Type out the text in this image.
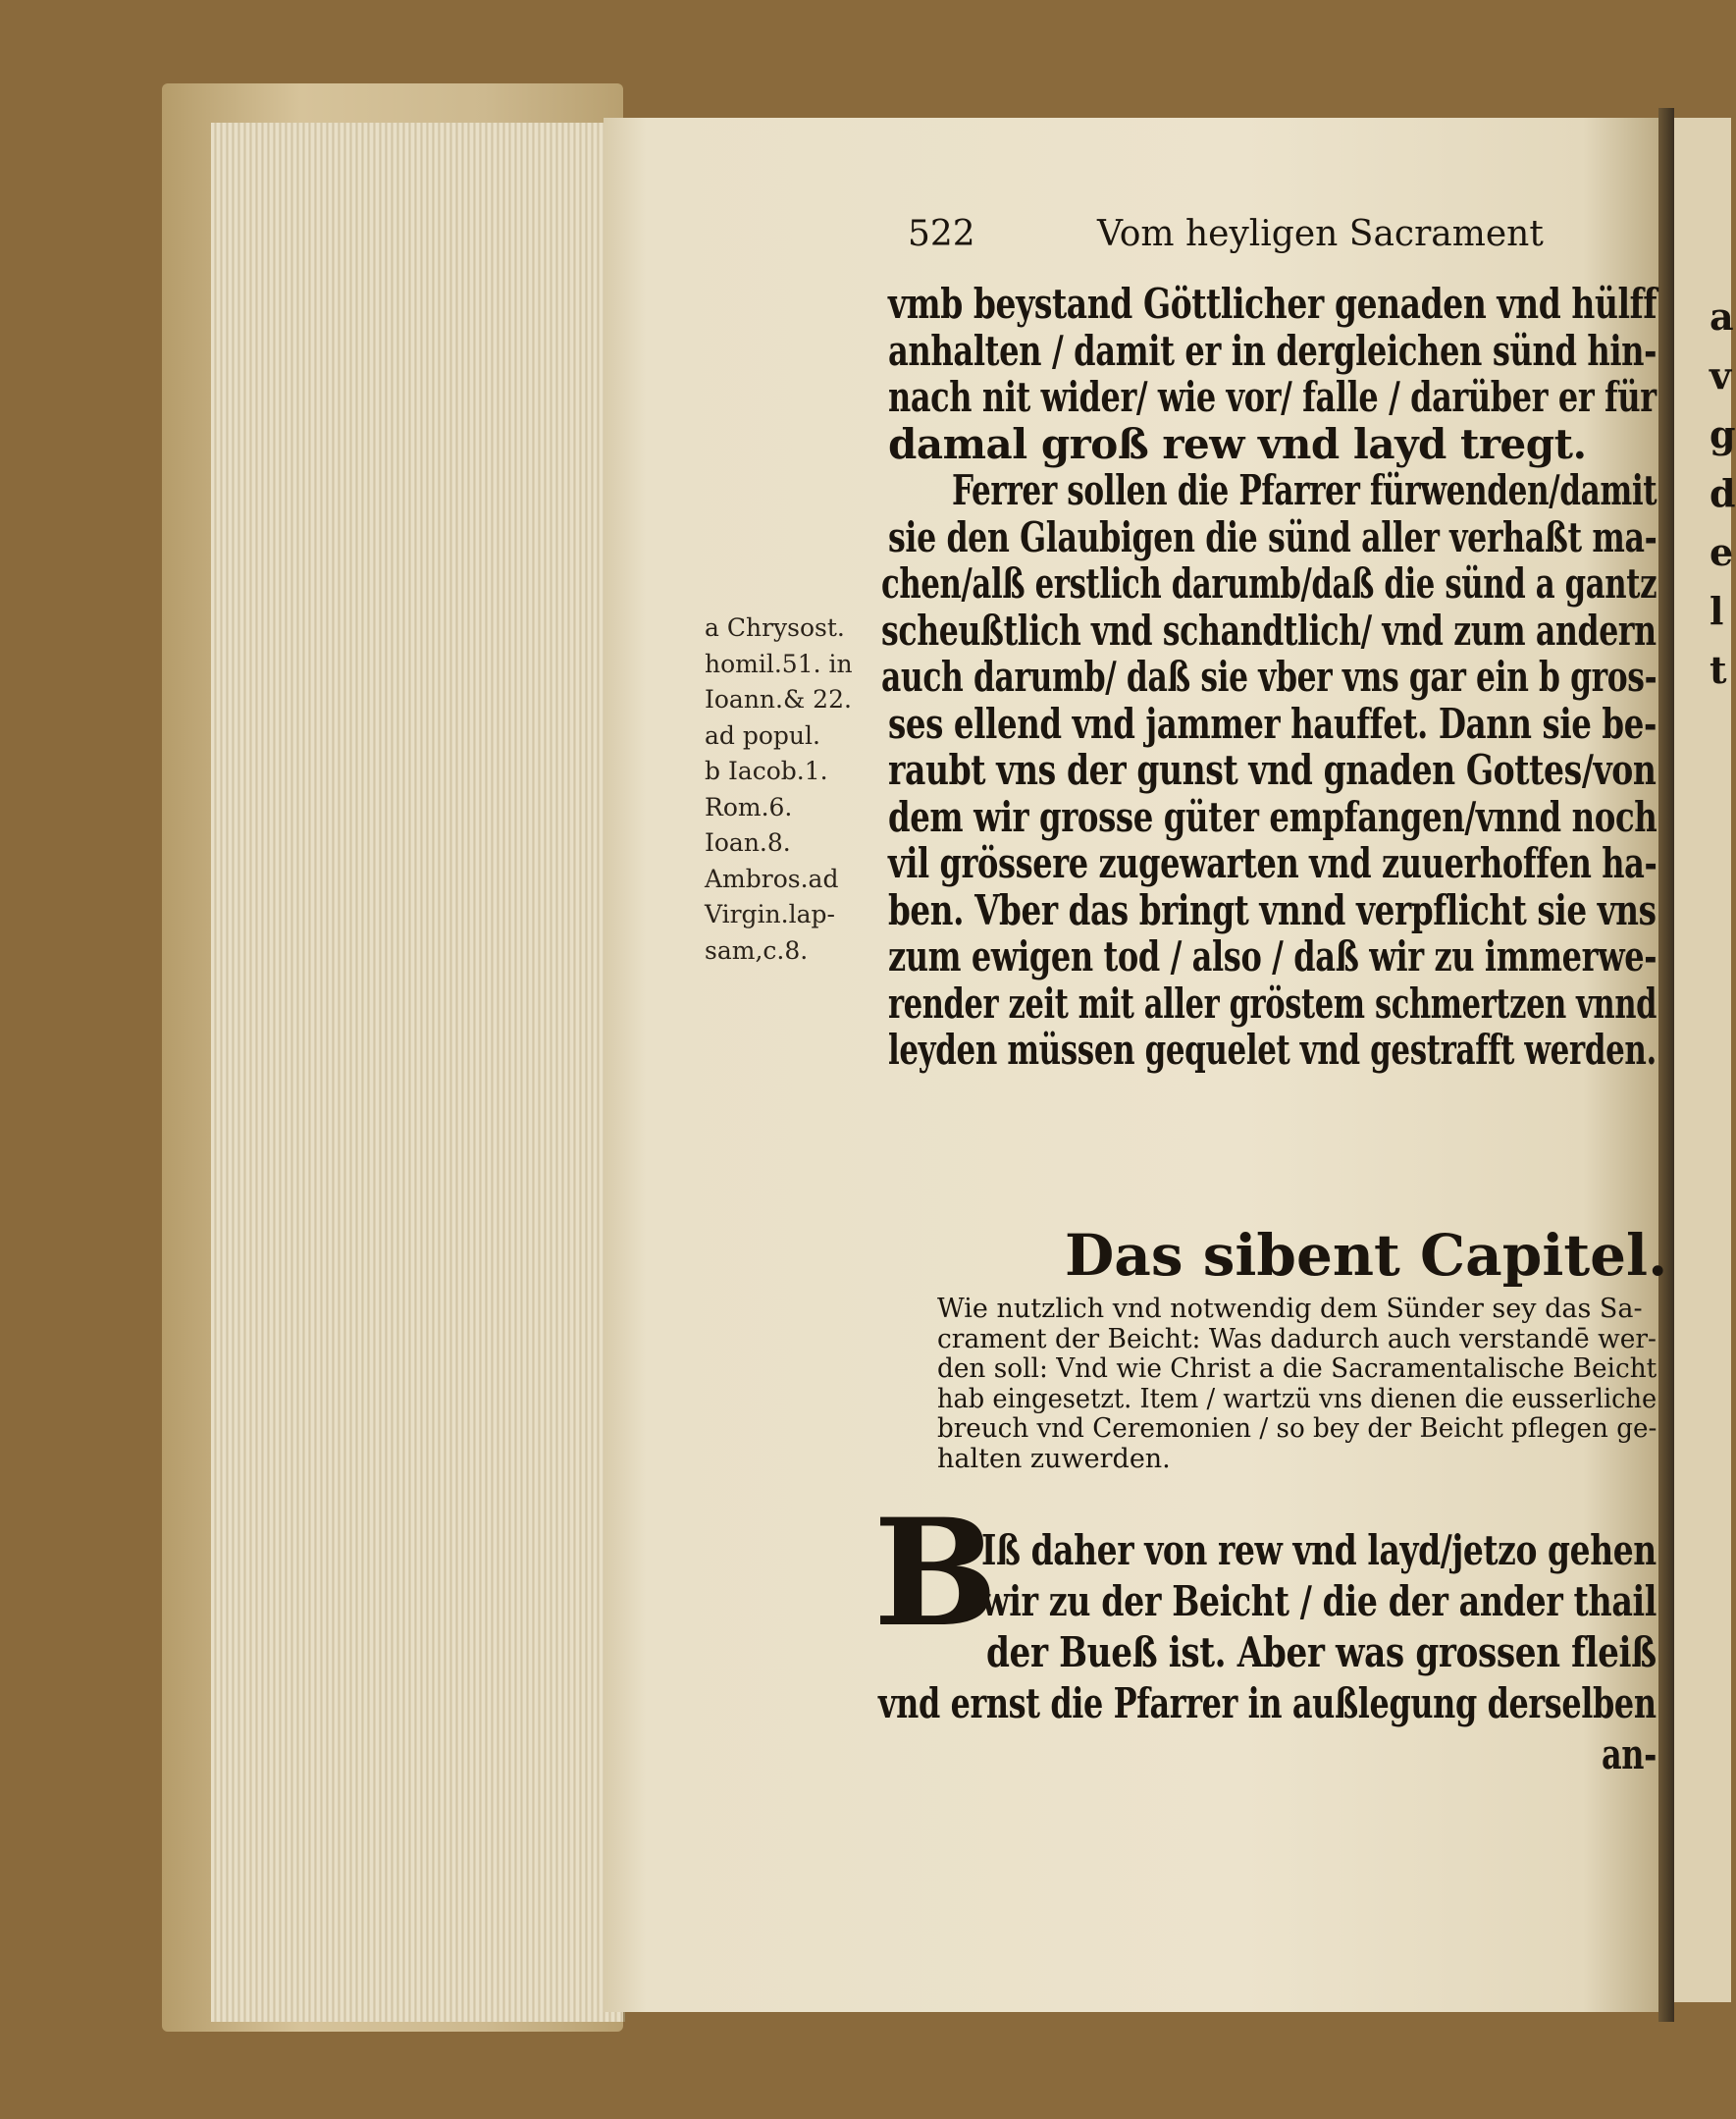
522	Vom heyligen Sacrament
vmb beystand Göttlicher genaden vnd hülff
anhalten / damit er in dergleichen sünd hin-
nach nit wider/ wie vor/ falle / darüber er für
damal groß rew vnd layd tregt.
Ferrer sollen die Pfarrer fürwenden/damit
sie den Glaubigen die sünd aller verhaßt ma-
chen/alß erstlich darumb/daß die sünd a gantz
scheußtlich vnd schandtlich/ vnd zum andern
auch darumb/ daß sie vber vns gar ein b gros-
ses ellend vnd jammer hauffet. Dann sie be-
raubt vns der gunst vnd gnaden Gottes/von
dem wir grosse güter empfangen/vnnd noch
vil grössere zugewarten vnd zuuerhoffen ha-
ben. Vber das bringt vnnd verpflicht sie vns
zum ewigen tod / also / daß wir zu immerwe-
render zeit mit aller gröstem schmertzen vnnd
leyden müssen gequelet vnd gestrafft werden.
a Chrysost.
homil.51. in
Ioann.& 22.
ad popul.
b Iacob.1.
Rom.6.
Ioan.8.
Ambros.ad
Virgin.lap-
sam,c.8.
Das sibent Capitel.
Wie nutzlich vnd notwendig dem Sünder sey das Sa-
crament der Beicht: Was dadurch auch verstandē wer-
den soll: Vnd wie Christ a die Sacramentalische Beicht
hab eingesetzt. Item / wartzü vns dienen die eusserliche
breuch vnd Ceremonien / so bey der Beicht pflegen ge-
halten zuwerden.
B
Iß daher von rew vnd layd/jetzo gehen
wir zu der Beicht / die der ander thail
der Bueß ist. Aber was grossen fleiß
vnd ernst die Pfarrer in außlegung derselben
an-
a
v
g
d
e
l
t
